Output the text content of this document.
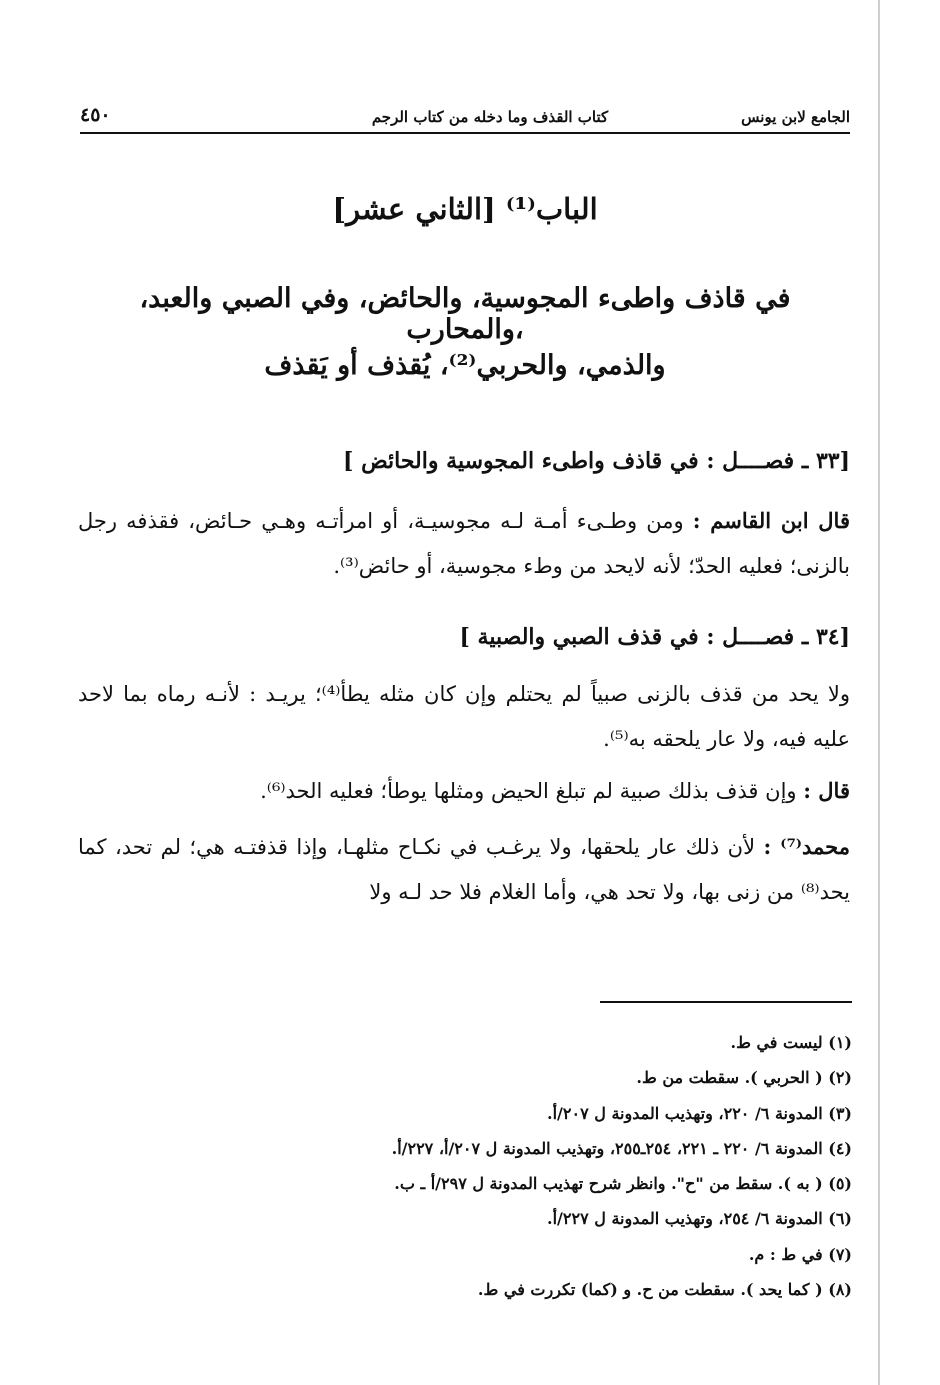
الجامع لابن يونس
كتاب القذف وما دخله من كتاب الرجم
٤٥٠
الباب⁽¹⁾ [الثاني عشر]
في قاذف واطىء المجوسية، والحائض، وفي الصبي والعبد، والمحارب،
والذمي، والحربي⁽²⁾، يُقذف أو يَقذف
[٣٣ ـ فصــــل : في قاذف واطىء المجوسية والحائض ]
قال ابن القاسم : ومن وطـىء أمـة لـه مجوسيـة، أو امرأتـه وهـي حـائض، فقذفه رجل بالزنى؛ فعليه الحدّ؛ لأنه لايحد من وطء مجوسية، أو حائض⁽³⁾.
[٣٤ ـ فصــــل : في قذف الصبي والصبية ]
ولا يحد من قذف بالزنى صبياً لم يحتلم وإن كان مثله يطأ⁽⁴⁾؛ يريـد : لأنـه رماه بما لاحد عليه فيه، ولا عار يلحقه به⁽⁵⁾.
قال : وإن قذف بذلك صبية لم تبلغ الحيض ومثلها يوطأ؛ فعليه الحد⁽⁶⁾.
محمد⁽⁷⁾ : لأن ذلك عار يلحقها، ولا يرغـب في نكـاح مثلهـا، وإذا قذفتـه هي؛ لم تحد، كما يحد⁽⁸⁾ من زنى بها، ولا تحد هي، وأما الغلام فلا حد لـه ولا
(١) ليست في ط.
(٢) ( الحربي ). سقطت من ط.
(٣) المدونة ٦/ ٢٢٠، وتهذيب المدونة ل ٢٠٧/أ.
(٤) المدونة ٦/ ٢٢٠ ـ ٢٢١، ٢٥٤ـ٢٥٥، وتهذيب المدونة ل ٢٠٧/أ، ٢٢٧/أ.
(٥) ( به ). سقط من "ح". وانظر شرح تهذيب المدونة ل ٢٩٧/أ ـ ب.
(٦) المدونة ٦/ ٢٥٤، وتهذيب المدونة ل ٢٢٧/أ.
(٧) في ط : م.
(٨) ( كما يحد ). سقطت من ح. و (كما) تكررت في ط.
